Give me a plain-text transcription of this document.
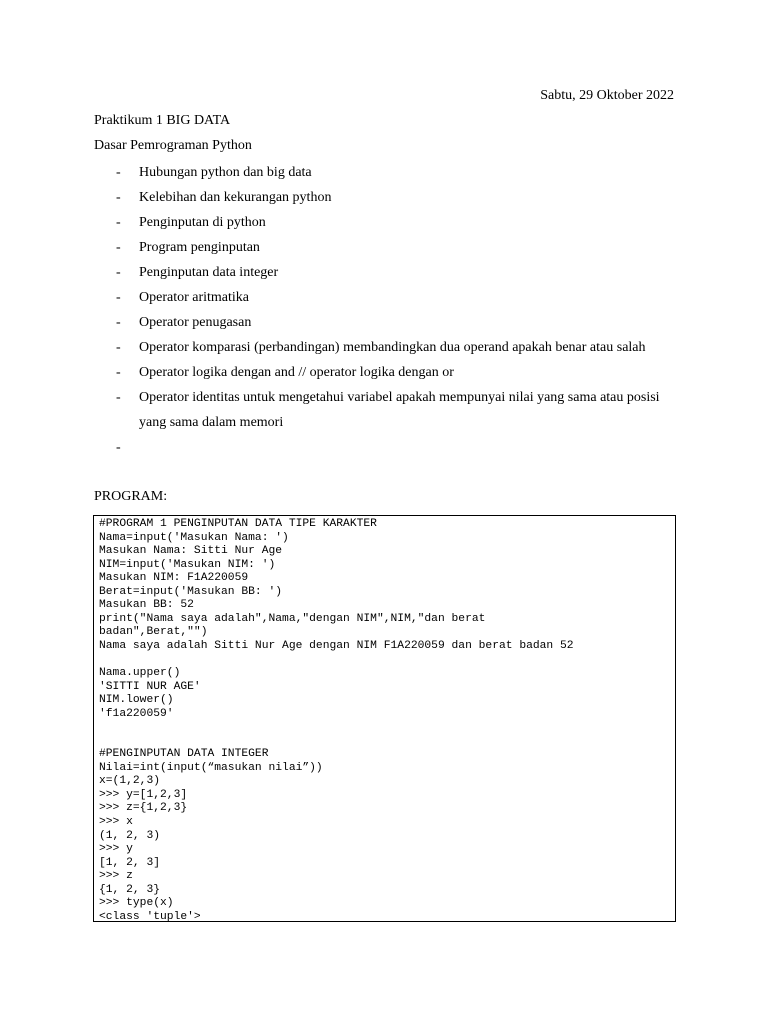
Sabtu, 29 Oktober 2022
Praktikum 1 BIG DATA
Dasar Pemrograman Python
- Hubungan python dan big data
- Kelebihan dan kekurangan python
- Penginputan di python
- Program penginputan
- Penginputan data integer
- Operator aritmatika
- Operator penugasan
- Operator komparasi (perbandingan) membandingkan dua operand apakah benar atau salah
- Operator logika dengan and // operator logika dengan or
- Operator identitas untuk mengetahui variabel apakah mempunyai nilai yang sama atau posisi yang sama dalam memori
-
PROGRAM:
#PROGRAM 1 PENGINPUTAN DATA TIPE KARAKTER
Nama=input('Masukan Nama: ')
Masukan Nama: Sitti Nur Age
NIM=input('Masukan NIM: ')
Masukan NIM: F1A220059
Berat=input('Masukan BB: ')
Masukan BB: 52
print("Nama saya adalah",Nama,"dengan NIM",NIM,"dan berat
badan",Berat,"")
Nama saya adalah Sitti Nur Age dengan NIM F1A220059 dan berat badan 52

Nama.upper()
'SITTI NUR AGE'
NIM.lower()
'f1a220059'

#PENGINPUTAN DATA INTEGER
Nilai=int(input(“masukan nilai”))
x=(1,2,3)
>>> y=[1,2,3]
>>> z={1,2,3}
>>> x
(1, 2, 3)
>>> y
[1, 2, 3]
>>> z
{1, 2, 3}
>>> type(x)
<class 'tuple'>
